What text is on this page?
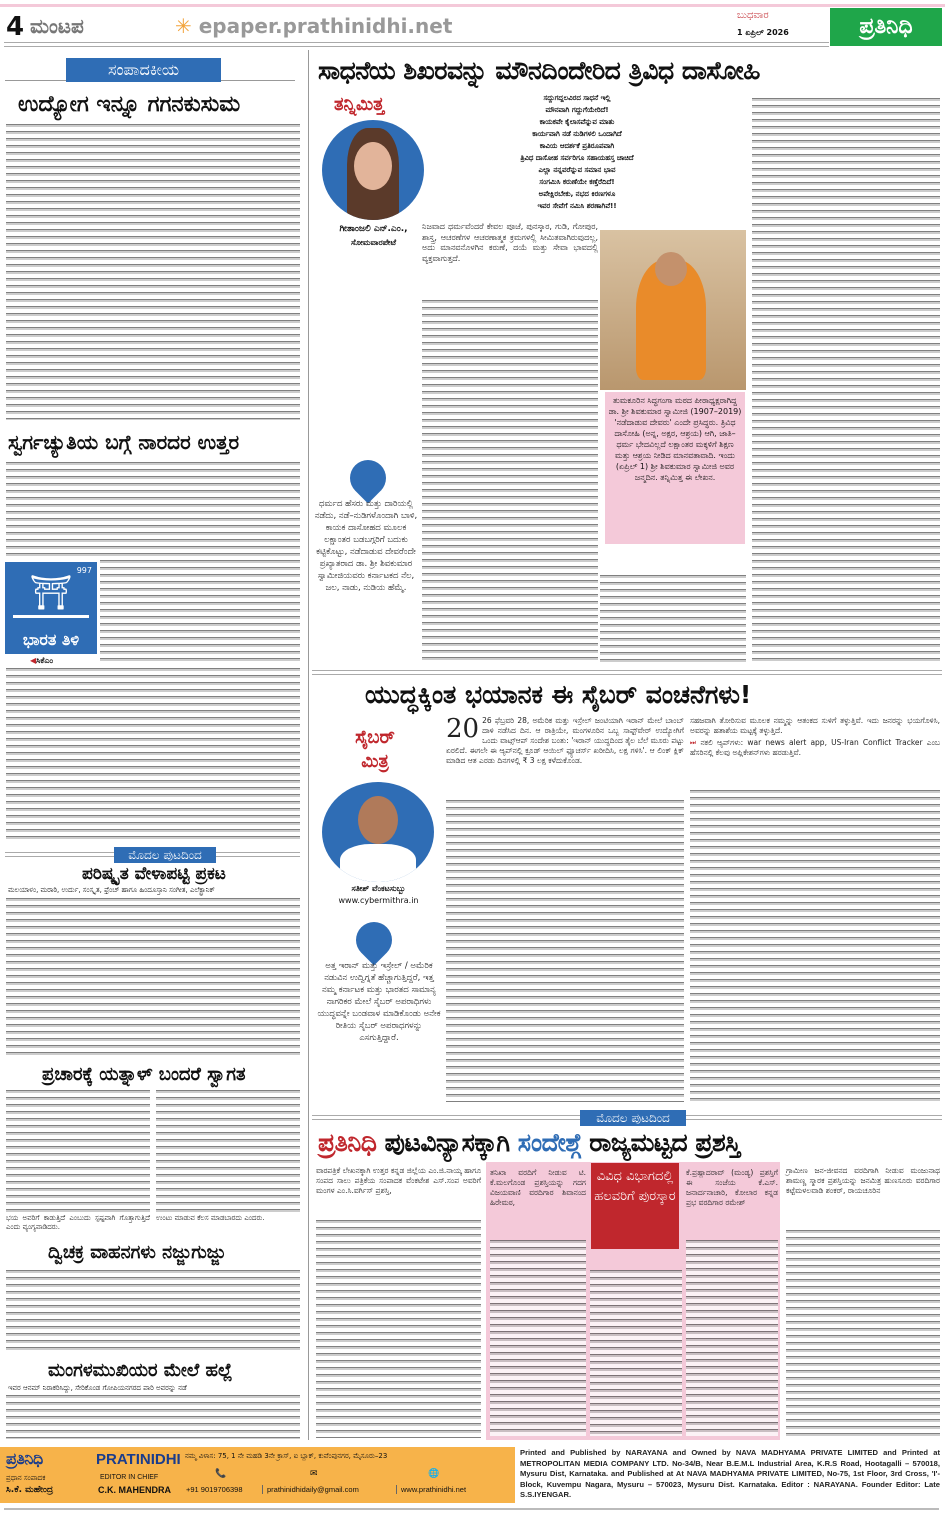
4 ಮಂಟಪ	✳ epaper.prathinidhi.net	ಬುಧವಾರ
1 ಏಪ್ರಿಲ್ 2026	ಪ್ರತಿನಿಧಿ
ಸಂಪಾದಕೀಯ
ಉದ್ಯೋಗ ಇನ್ನೂ ಗಗನಕುಸುಮ
ಸ್ವರ್ಗಚ್ಯುತಿಯ ಬಗ್ಗೆ ನಾರದರ ಉತ್ತರ
⛩
997
ಭಾರತ ತಿಳಿ
◀ಸಿಕೆಎಂ
ಮೊದಲ ಪುಟದಿಂದ
ಪರಿಷ್ಕೃತ ವೇಳಾಪಟ್ಟಿ ಪ್ರಕಟ
ಮಲಯಾಳಂ, ಮರಾಠಿ, ಉರ್ದು, ಸಂಸ್ಕೃತ, ಫ್ರೆಂಚ್ ಹಾಗೂ ಹಿಂದೂಸ್ತಾನಿ ಸಂಗೀತ, ಎಲೆಕ್ಟ್ರಾನಿಕ್
ಪ್ರಚಾರಕ್ಕೆ ಯತ್ನಾಳ್ ಬಂದರೆ ಸ್ವಾಗತ
ಭಯ ಅವರಿಗೆ ಕಾಡುತ್ತಿದೆ ಎಂಬುದು ಸ್ಪಷ್ಟವಾಗಿ ಗೊತ್ತಾಗುತ್ತಿದೆ ಎಂದು ವ್ಯಂಗ್ಯವಾಡಿದರು.
ಉಂಟು ಮಾಡುವ ಕೆಲಸ ಮಾಡಬಾರದು ಎಂದರು.
ದ್ವಿಚಕ್ರ ವಾಹನಗಳು ನಜ್ಜುಗುಜ್ಜು
ಮಂಗಳಮುಖಿಯರ ಮೇಲೆ ಹಲ್ಲೆ
ಇವರ ಆನಮ್ ನಿರಾಕರಿಸಿದ್ದು, ಸೇರಿಕೊಂಡ ಗೋಪಿಯನಗರದ ಪಾರಿ ಅವರನ್ನು ನಡೆ
ಸಾಧನೆಯ ಶಿಖರವನ್ನು ಮೌನದಿಂದೇರಿದ ತ್ರಿವಿಧ ದಾಸೋಹಿ
ತನ್ನಿಮಿತ್ತ
ಗೀತಾಂಜಲಿ ಎನ್.ಎಂ.,
ಸೋಮವಾರಪೇಟೆ
ಸದ್ದುಗದ್ದಲವಿರದ ಸಾಧನೆ ಇಲ್ಲಿ
ಮೌನವಾಗಿ ಗದ್ದುಗೆಯೇರಿದೆ!
ಕಾಯಕವೇ ಕೈಲಾಸವೆನ್ನುವ ಮಾತು
ಕಾರ್ಯವಾಗಿ ನಡೆ ನುಡಿಗಳಲಿ ಒಂದಾಗಿದೆ
ಕಾವಿಯ ಆದರ್ಶಕೆ ಪ್ರತಿರೂಪವಾಗಿ
ತ್ರಿವಿಧ ದಾಸೋಹ ಸರ್ವರಿಗೂ ಸಹಾಯಹಸ್ತ ಚಾಚಿದೆ
ಎಲ್ಲಾ ನನ್ನವರೆನ್ನುವ ಸಮಾನ ಭಾವ
ಸಂಗಮಿಸಿ ಕರುಣೆಯೇ ಕಣ್ತೆರೆದಿದೆ!
ಅಪೇಕ್ಷಿರಬೇಕು, ನಭದ ಕಿರಣಗಳೂ
ಇವರ ಸೇವೆಗೆ ನಮಿಸಿ ಶರಣಾಗಿವೆ!!
ನಿಜವಾದ ಧರ್ಮವೆಂದರೆ ಕೇವಲ ಪೂಜೆ, ಪುನಸ್ಕಾರ, ಗುಡಿ, ಗೋಪುರ, ಶಾಸ್ತ್ರ, ಆಚರಣೆಗಳ ಆಚರಣಾತ್ಮಕ ಕ್ರಮಗಳಲ್ಲಿ ಸೀಮಿತವಾಗಿರುವುದಲ್ಲ, ಅದು ಮಾನವನೊಳಗಿನ ಕರುಣೆ, ದಯೆ ಮತ್ತು ಸೇವಾ ಭಾವದಲ್ಲಿ ವ್ಯಕ್ತವಾಗುತ್ತದೆ.
ತುಮಕೂರಿನ ಸಿದ್ಧಗಂಗಾ ಮಠದ ಪೀಠಾಧ್ಯಕ್ಷರಾಗಿದ್ದ ಡಾ. ಶ್ರೀ ಶಿವಕುಮಾರ ಸ್ವಾಮೀಜಿ (1907–2019) 'ನಡೆದಾಡುವ ದೇವರು' ಎಂದೇ ಪ್ರಸಿದ್ಧರು. ತ್ರಿವಿಧ ದಾಸೋಹಿ (ಅನ್ನ, ಅಕ್ಷರ, ಆಶ್ರಯ) ಆಗಿ, ಜಾತಿ–ಧರ್ಮ ಭೇದವಿಲ್ಲದೆ ಲಕ್ಷಾಂತರ ಮಕ್ಕಳಿಗೆ ಶಿಕ್ಷಣ ಮತ್ತು ಆಶ್ರಯ ನೀಡಿದ ಮಾನವತಾವಾದಿ. ಇಂದು (ಏಪ್ರಿಲ್ 1) ಶ್ರೀ ಶಿವಕುಮಾರ ಸ್ವಾಮೀಜಿ ಅವರ ಜನ್ಮದಿನ. ತನ್ನಿಮಿತ್ತ ಈ ಲೇಖನ.
ಧರ್ಮದ ಹೆಸರು ಮತ್ತು ದಾರಿಯಲ್ಲಿ ನಡೆದು, ನಡೆ–ನುಡಿಗಳೊಂದಾಗಿ ಬಾಳಿ, ಕಾಯಕ ದಾಸೋಹದ ಮೂಲಕ ಲಕ್ಷಾಂತರ ಬಡಬಗ್ಗರಿಗೆ ಬದುಕು ಕಟ್ಟಿಕೊಟ್ಟು, ನಡೆದಾಡುವ ದೇವರೆಂದೇ ಪ್ರಖ್ಯಾತರಾದ ಡಾ. ಶ್ರೀ ಶಿವಕುಮಾರ ಸ್ವಾಮೀಜಿಯವರು ಕರ್ನಾಟಕದ ನೆಲ, ಜಲ, ನಾಡು, ನುಡಿಯ ಹೆಮ್ಮೆ.
ಯುದ್ಧಕ್ಕಿಂತ ಭಯಾನಕ ಈ ಸೈಬರ್ ವಂಚನೆಗಳು!
ಸೈಬರ್ ಮಿತ್ರ
ಸತೀಶ್ ವೆಂಕಟಸುಬ್ಬು
www.cybermithra.in
ಅತ್ತ ಇರಾನ್ ಮತ್ತು ಇಸ್ರೇಲ್ / ಅಮೆರಿಕ ನಡುವಿನ ಉದ್ವಿಗ್ನತೆ ಹೆಚ್ಚಾಗುತ್ತಿದ್ದರೆ, ಇತ್ತ ನಮ್ಮ ಕರ್ನಾಟಕ ಮತ್ತು ಭಾರತದ ಸಾಮಾನ್ಯ ನಾಗರಿಕರ ಮೇಲೆ ಸೈಬರ್ ಅಪರಾಧಿಗಳು ಯುದ್ಧವನ್ನೇ ಬಂಡವಾಳ ಮಾಡಿಕೊಂಡು ಅನೇಕ ರೀತಿಯ ಸೈಬರ್ ಅಪರಾಧಗಳನ್ನು ಎಸಗುತ್ತಿದ್ದಾರೆ.
20 26 ಫೆಬ್ರವರಿ 28, ಅಮೆರಿಕ ಮತ್ತು ಇಸ್ರೇಲ್ ಜಂಟಿಯಾಗಿ ಇರಾನ್ ಮೇಲೆ ಬಾಂಬ್ ದಾಳಿ ನಡೆಸಿದ ದಿನ. ಆ ರಾತ್ರಿಯೇ, ಮಂಗಳೂರಿನ ಒಬ್ಬ ಸಾಫ್ಟ್‌ವೇರ್ ಉದ್ಯೋಗಿಗೆ ಒಂದು ವಾಟ್ಸ್‌ಆಪ್ ಸಂದೇಶ ಬಂತು: 'ಇರಾನ್ ಯುದ್ಧದಿಂದ ತೈಲ ಬೆಲೆ ಮೂರು ಪಟ್ಟು ಏರಲಿದೆ. ಈಗಲೇ ಈ ಆ್ಯಪ್‌ನಲ್ಲಿ ಕ್ರೂಡ್ ಆಯಿಲ್ ಫ್ಯೂಚರ್ಸ್ ಖರೀದಿಸಿ, ಲಕ್ಷ ಗಳಿಸಿ'. ಆ ಲಿಂಕ್ ಕ್ಲಿಕ್ ಮಾಡಿದ ಆತ ಎರಡು ದಿನಗಳಲ್ಲಿ ₹ 3 ಲಕ್ಷ ಕಳೆದುಕೊಂಡ.
ಸಹಜವಾಗಿ ತೋರಿಸುವ ಮೂಲಕ ನಮ್ಮನ್ನು ಆತಂಕದ ಸುಳಿಗೆ ತಳ್ಳುತ್ತಿವೆ. ಇದು ಜನರನ್ನು ಭಯಗೊಳಿಸಿ, ಅವರನ್ನು ಹತಾಶೆಯ ಮಟ್ಟಕ್ಕೆ ತಳ್ಳುತ್ತಿದೆ.
⏭ ನಕಲಿ ಆ್ಯಪ್‌ಗಳು: war news alert app, US-Iran Conflict Tracker ಎಂಬ ಹೆಸರಿನಲ್ಲಿ ಕೆಲವು ಅಪ್ಲಿಕೇಶನ್‌ಗಳು ಹರಡುತ್ತಿವೆ.
ಮೊದಲ ಪುಟದಿಂದ
ಪ್ರತಿನಿಧಿ ಪುಟವಿನ್ಯಾಸಕ್ಕಾಗಿ ಸಂದೇಶ್ಗೆ ರಾಜ್ಯಮಟ್ಟದ ಪ್ರಶಸ್ತಿ
ವಾರಪತ್ರಿಕೆ ಲೇಖನಕ್ಕಾಗಿ ಉತ್ತರ ಕನ್ನಡ ಜಿಲ್ಲೆಯ ಎಂ.ಜಿ.ನಾಯ್ಕ ಹಾಗೂ ಸಂಪದ ಸಾಲು ಪತ್ರಿಕೆಯ ಸಂಪಾದಕ ವೆಂಕಟೇಶ ಎಸ್.ಸಂಪ ಅವರಿಗೆ ಮಂಗಳ ಎಂ.ಸಿ.ವರ್ಗಿಸ್ ಪ್ರಶಸ್ತಿ,
ತನಿಖಾ ವರದಿಗೆ ನೀಡುವ ಟಿ. ಕೆ.ಮಲಗೊಂಡ ಪ್ರಶಸ್ತಿಯನ್ನು ಗದಗ ವಿಜಯವಾಣಿ ವರದಿಗಾರ ಶಿವಾನಂದ ಹಿರೇಮಠ,
ವಿವಿಧ ವಿಭಾಗದಲ್ಲಿ ಹಲವರಿಗೆ ಪುರಸ್ಕಾರ
ಕೆ.ಪ್ರಹ್ಲಾದರಾವ್ (ಮಂಡ್ಯ) ಪ್ರಶಸ್ತಿಗೆ ಈ ಸಂಜೆಯ ಕೆ.ಎಸ್. ಜನಾರ್ದನಾಚಾರಿ, ಕೋಲಾರ ಕನ್ನಡ ಪ್ರಭ ವರದಿಗಾರ ರಮೇಶ್
ಗ್ರಾಮೀಣ ಜನ-ಜೀವನದ ವರದಿಗಾಗಿ ನೀಡುವ ಮಂಜುನಾಥ ಶಾಮಣ್ಣ ಸ್ಮಾರಕ ಪ್ರಶಸ್ತಿಯನ್ನು ಜನಮಿತ್ರ ಹುಣಸೂರು ವರದಿಗಾರ ಕಟ್ಟೆಮಳಲವಾಡಿ ಶಂಕರ್, ರಾಯಚೂರಿನ
ಪ್ರತಿನಿಧಿ	PRATINIDHI
ಪ್ರಧಾನ ಸಂಪಾದಕ
ಸಿ.ಕೆ. ಮಹೇಂದ್ರ
EDITOR IN CHIEF
C.K. MAHENDRA
ನಮ್ಮ ವಿಳಾಸ: 75, 1 ನೇ ಮಹಡಿ 3ನೇ ಕ್ರಾಸ್, ಐ ಬ್ಲಾಕ್, ಕುವೆಂಪುನಗರ, ಮೈಸೂರು–23
📞	✉	🌐
+91 9019706398	prathinidhidaily@gmail.com	www.prathinidhi.net
Printed and Published by NARAYANA and Owned by NAVA MADHYAMA PRIVATE LIMITED and Printed at METROPOLITAN MEDIA COMPANY LTD. No-34/B, Near B.E.M.L Industrial Area, K.R.S Road, Hootagalli – 570018, Mysuru Dist, Karnataka. and Published at At NAVA MADHYAMA PRIVATE LIMITED, No-75, 1st Floor, 3rd Cross, 'I'- Block, Kuvempu Nagara, Mysuru – 570023, Mysuru Dist. Karnataka. Editor : NARAYANA. Founder Editor: Late S.S.IYENGAR.
